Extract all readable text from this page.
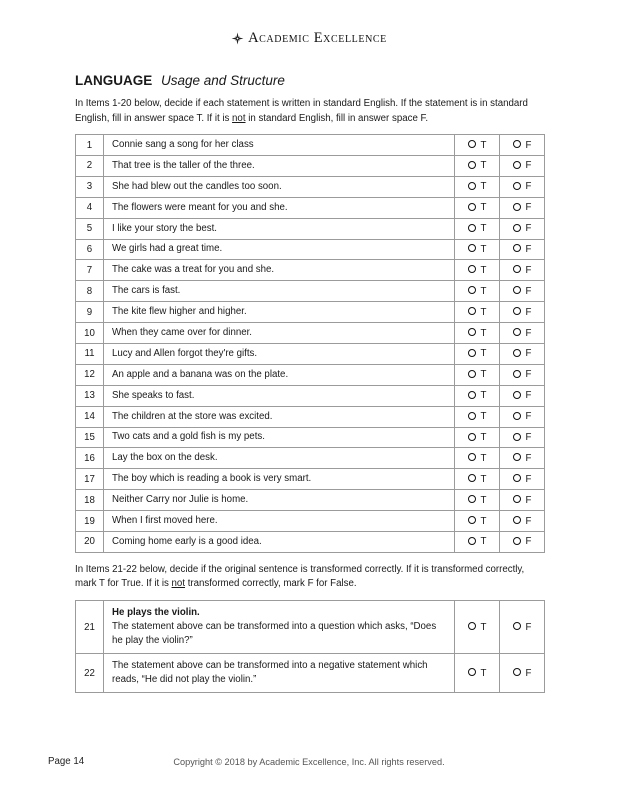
Academic Excellence
LANGUAGE Usage and Structure

In Items 1-20 below, decide if each statement is written in standard English. If the statement is in standard English, fill in answer space T. If it is not in standard English, fill in answer space F.

1	Connie sang a song for her class	T	F
2	That tree is the taller of the three.	T	F
3	She had blew out the candles too soon.	T	F
4	The flowers were meant for you and she.	T	F
5	I like your story the best.	T	F
6	We girls had a great time.	T	F
7	The cake was a treat for you and she.	T	F
8	The cars is fast.	T	F
9	The kite flew higher and higher.	T	F
10	When they came over for dinner.	T	F
11	Lucy and Allen forgot they're gifts.	T	F
12	An apple and a banana was on the plate.	T	F
13	She speaks to fast.	T	F
14	The children at the store was excited.	T	F
15	Two cats and a gold fish is my pets.	T	F
16	Lay the box on the desk.	T	F
17	The boy which is reading a book is very smart.	T	F
18	Neither Carry nor Julie is home.	T	F
19	When I first moved here.	T	F
20	Coming home early is a good idea.	T	F

In Items 21-22 below, decide if the original sentence is transformed correctly. If it is transformed correctly, mark T for True. If it is not transformed correctly, mark F for False.

21	He plays the violin.
The statement above can be transformed into a question which asks, “Does he play the violin?”	T	F
22	The statement above can be transformed into a negative statement which reads, “He did not play the violin.”	T	F
Page 14	Copyright © 2018 by Academic Excellence, Inc. All rights reserved.
